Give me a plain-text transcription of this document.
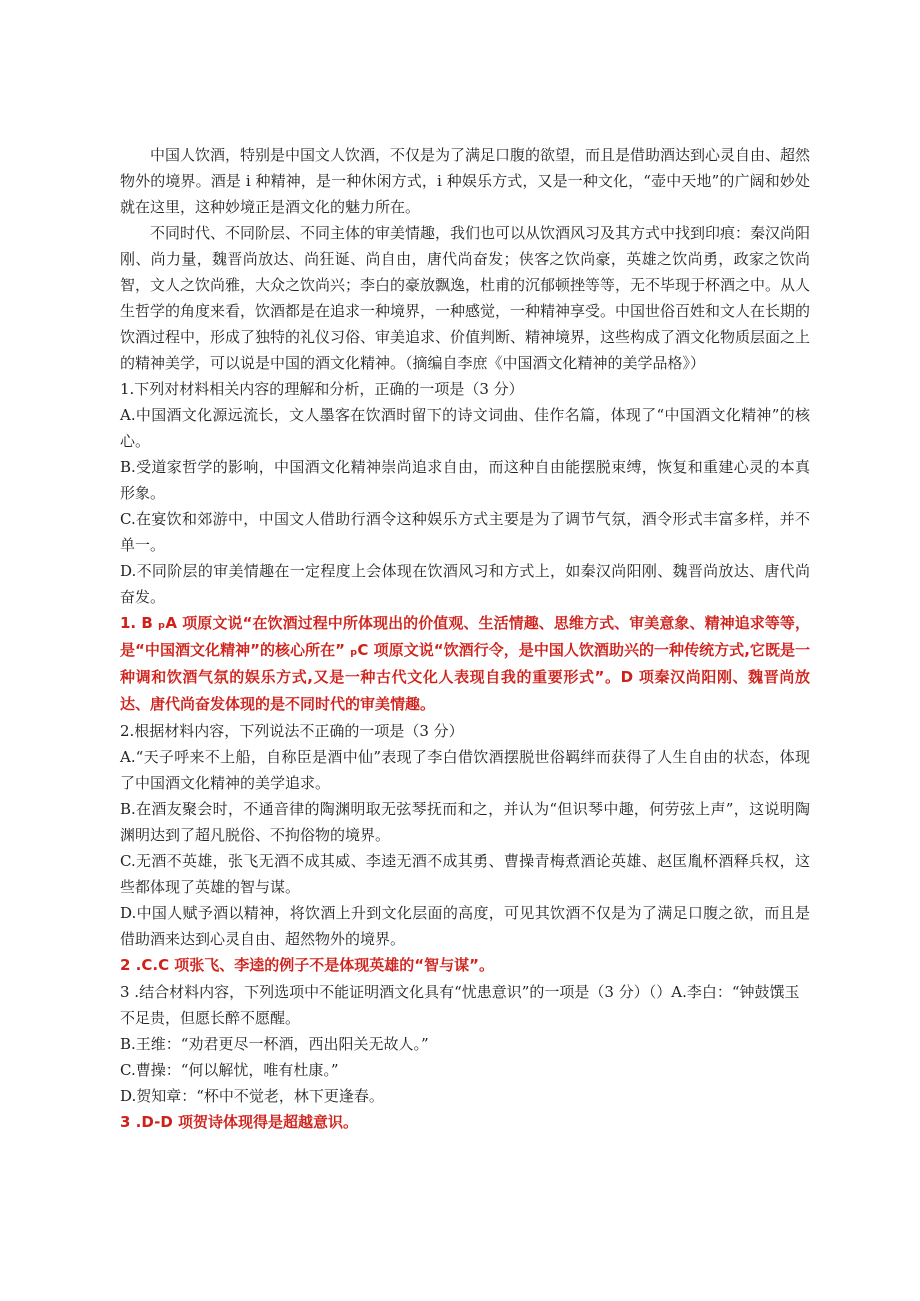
中国人饮酒，特别是中国文人饮酒，不仅是为了满足口腹的欲望，而且是借助酒达到心灵自由、超然物外的境界。酒是 i 种精神，是一种休闲方式，i 种娱乐方式，又是一种文化，“壶中天地”的广阔和妙处就在这里，这种妙境正是酒文化的魅力所在。

不同时代、不同阶层、不同主体的审美情趣，我们也可以从饮酒风习及其方式中找到印痕：秦汉尚阳刚、尚力量，魏晋尚放达、尚狂诞、尚自由，唐代尚奋发；侠客之饮尚豪，英雄之饮尚勇，政家之饮尚智，文人之饮尚雅，大众之饮尚兴；李白的豪放飘逸，杜甫的沉郁顿挫等等，无不毕现于杯酒之中。从人生哲学的角度来看，饮酒都是在追求一种境界，一种感觉，一种精神享受。中国世俗百姓和文人在长期的饮酒过程中，形成了独特的礼仪习俗、审美追求、价值判断、精神境界，这些构成了酒文化物质层面之上的精神美学，可以说是中国的酒文化精神。（摘编自李庶《中国酒文化精神的美学品格》）

1.下列对材料相关内容的理解和分析，正确的一项是（3 分）

A.中国酒文化源远流长，文人墨客在饮酒时留下的诗文词曲、佳作名篇，体现了“中国酒文化精神”的核心。

B.受道家哲学的影响，中国酒文化精神崇尚追求自由，而这种自由能摆脱束缚，恢复和重建心灵的本真形象。

C.在宴饮和郊游中，中国文人借助行酒令这种娱乐方式主要是为了调节气氛，酒令形式丰富多样，并不单一。

D.不同阶层的审美情趣在一定程度上会体现在饮酒风习和方式上，如秦汉尚阳刚、魏晋尚放达、唐代尚奋发。

1. B ₚA 项原文说“在饮酒过程中所体现出的价值观、生活情趣、思维方式、审美意象、精神追求等等，是“中国酒文化精神”的核心所在” ₚC 项原文说“饮酒行令，是中国人饮酒助兴的一种传统方式,它既是一种调和饮酒气氛的娱乐方式,又是一种古代文化人表现自我的重要形式”。D 项秦汉尚阳刚、魏晋尚放达、唐代尚奋发体现的是不同时代的审美情趣。

2.根据材料内容，下列说法不正确的一项是（3 分）

A.“天子呼来不上船，自称臣是酒中仙”表现了李白借饮酒摆脱世俗羁绊而获得了人生自由的状态，体现了中国酒文化精神的美学追求。

B.在酒友聚会时，不通音律的陶渊明取无弦琴抚而和之，并认为“但识琴中趣，何劳弦上声”，这说明陶渊明达到了超凡脱俗、不拘俗物的境界。

C.无酒不英雄，张飞无酒不成其威、李逵无酒不成其勇、曹操青梅煮酒论英雄、赵匡胤杯酒释兵权，这些都体现了英雄的智与谋。

D.中国人赋予酒以精神，将饮酒上升到文化层面的高度，可见其饮酒不仅是为了满足口腹之欲，而且是借助酒来达到心灵自由、超然物外的境界。

2 .C.C 项张飞、李逵的例子不是体现英雄的“智与谋”。

3 .结合材料内容，下列选项中不能证明酒文化具有“忧患意识”的一项是（3 分）（）A.李白：“钟鼓馔玉不足贵，但愿长醉不愿醒。

B.王维：“劝君更尽一杯酒，西出阳关无故人。”

C.曹操：“何以解忧，唯有杜康。”

D.贺知章：“杯中不觉老，林下更逢春。

3 .D-D 项贺诗体现得是超越意识。
